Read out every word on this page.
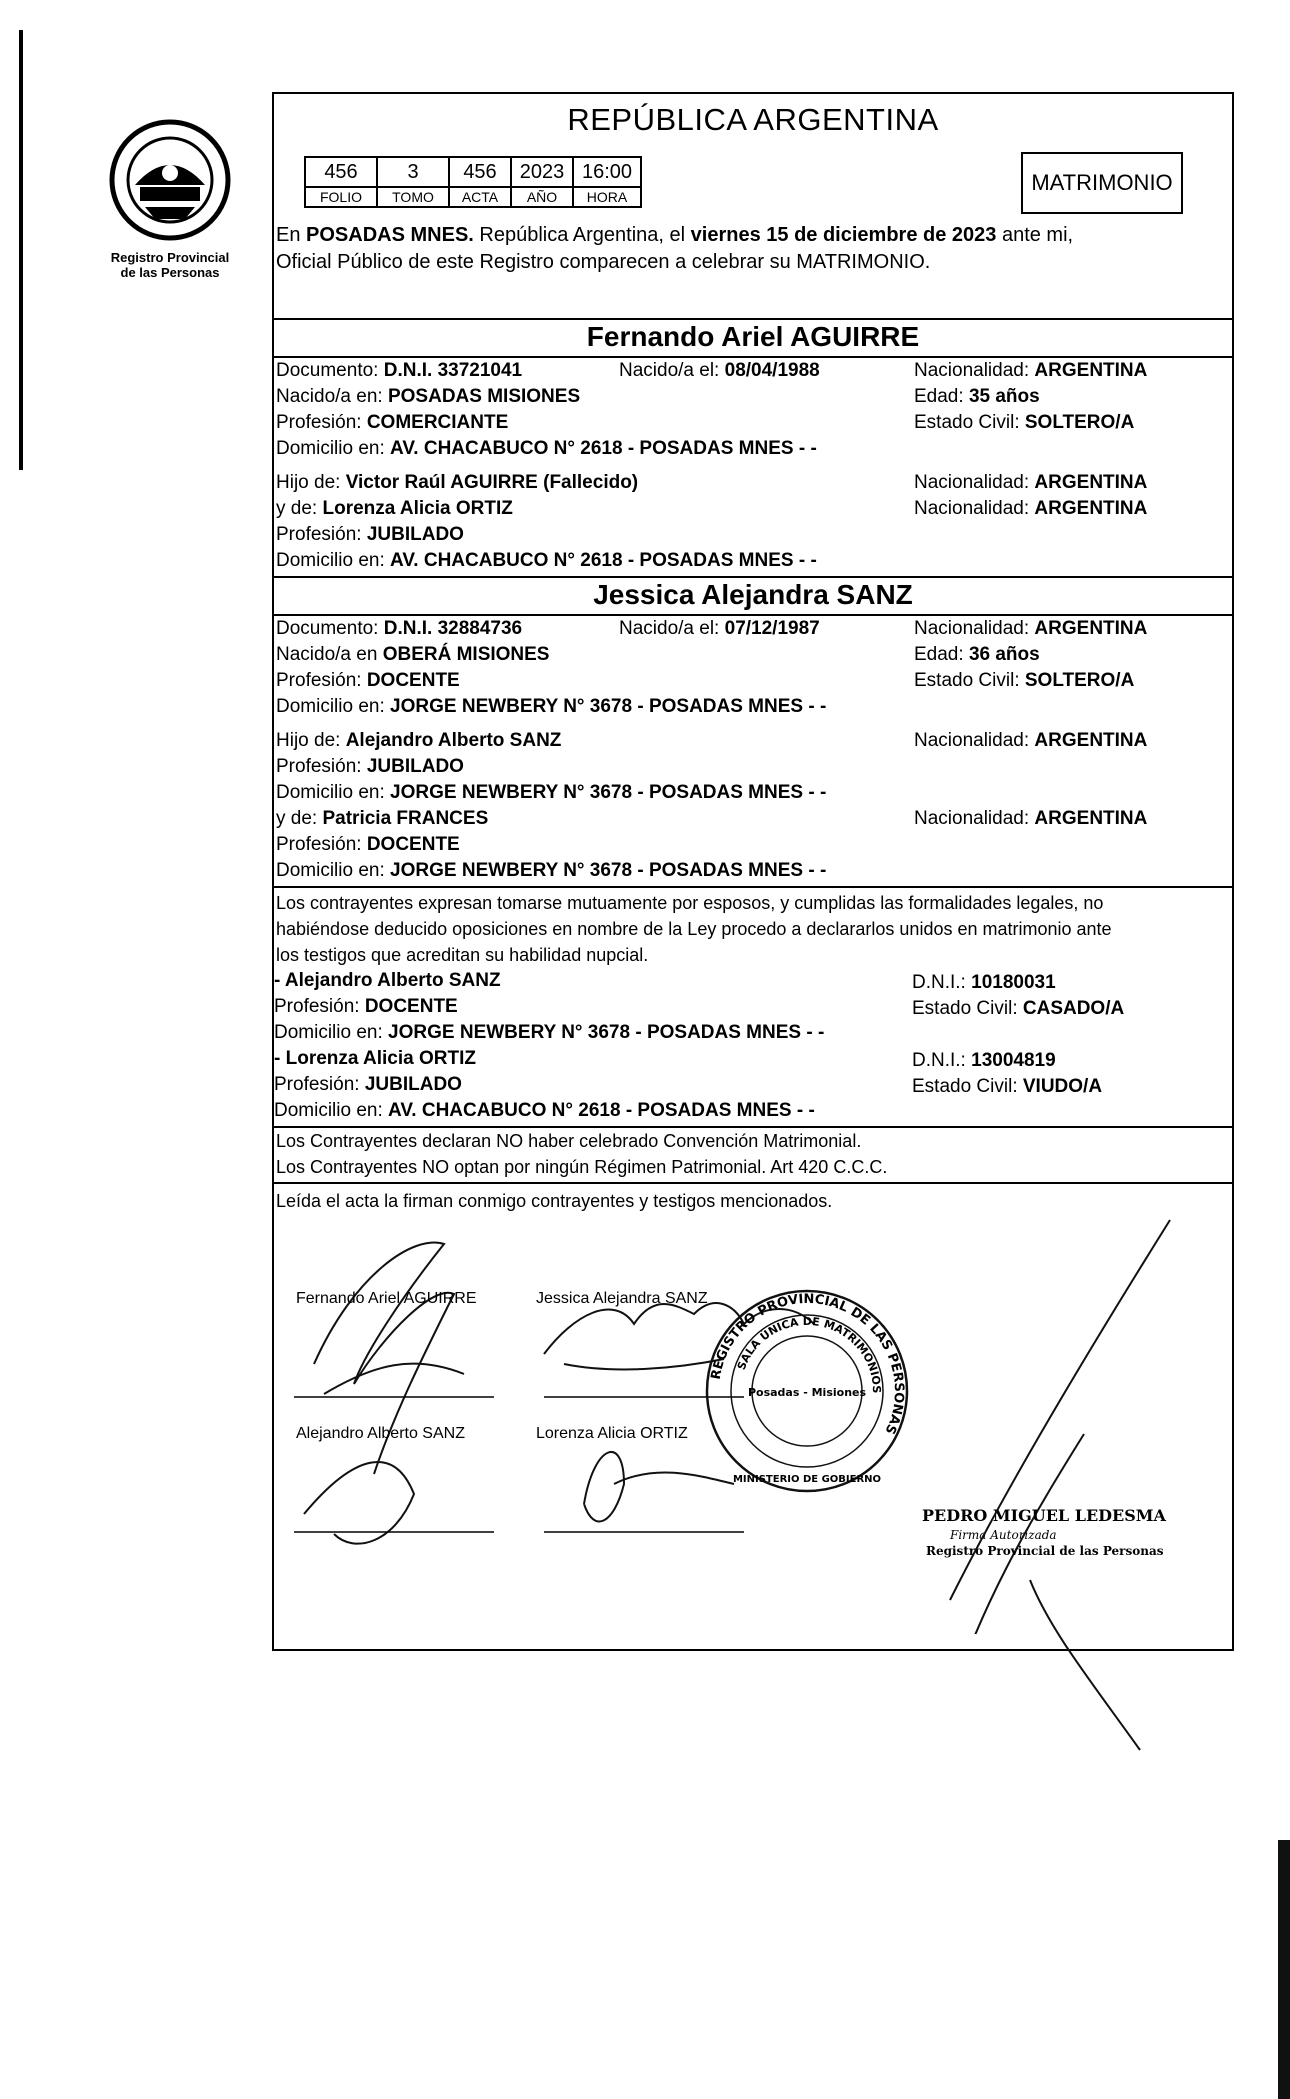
Registro Provincial
de las Personas
REPÚBLICA ARGENTINA
456	3	456	2023	16:00
FOLIO	TOMO	ACTA	AÑO	HORA
MATRIMONIO
En POSADAS MNES. República Argentina, el viernes 15 de diciembre de 2023 ante mi,
Oficial Público de este Registro comparecen a celebrar su MATRIMONIO.
Fernando Ariel AGUIRRE
Documento: D.N.I. 33721041	Nacido/a el: 08/04/1988	Nacionalidad: ARGENTINA
Nacido/a en: POSADAS MISIONES	Edad: 35 años
Profesión: COMERCIANTE	Estado Civil: SOLTERO/A
Domicilio en: AV. CHACABUCO N° 2618 - POSADAS MNES - -
Hijo de: Victor Raúl AGUIRRE (Fallecido)	Nacionalidad: ARGENTINA
y de: Lorenza Alicia ORTIZ	Nacionalidad: ARGENTINA
Profesión: JUBILADO
Domicilio en: AV. CHACABUCO N° 2618 - POSADAS MNES - -
Jessica Alejandra SANZ
Documento: D.N.I. 32884736	Nacido/a el: 07/12/1987	Nacionalidad: ARGENTINA
Nacido/a en OBERÁ MISIONES	Edad: 36 años
Profesión: DOCENTE	Estado Civil: SOLTERO/A
Domicilio en: JORGE NEWBERY N° 3678 - POSADAS MNES - -
Hijo de: Alejandro Alberto SANZ	Nacionalidad: ARGENTINA
Profesión: JUBILADO
Domicilio en: JORGE NEWBERY N° 3678 - POSADAS MNES - -
y de: Patricia FRANCES	Nacionalidad: ARGENTINA
Profesión: DOCENTE
Domicilio en: JORGE NEWBERY N° 3678 - POSADAS MNES - -
Los contrayentes expresan tomarse mutuamente por esposos, y cumplidas las formalidades legales, no
habiéndose deducido oposiciones en nombre de la Ley procedo a declararlos unidos en matrimonio ante
los testigos que acreditan su habilidad nupcial.
- Alejandro Alberto SANZ	D.N.I.: 10180031
Profesión: DOCENTE	Estado Civil: CASADO/A
Domicilio en: JORGE NEWBERY N° 3678 - POSADAS MNES - -
- Lorenza Alicia ORTIZ	D.N.I.: 13004819
Profesión: JUBILADO	Estado Civil: VIUDO/A
Domicilio en: AV. CHACABUCO N° 2618 - POSADAS MNES - -
Los Contrayentes declaran NO haber celebrado Convención Matrimonial.
Los Contrayentes NO optan por ningún Régimen Patrimonial. Art 420 C.C.C.
Leída el acta la firman conmigo contrayentes y testigos mencionados.
Fernando Ariel AGUIRRE	Jessica Alejandra SANZ
Alejandro Alberto SANZ	Lorenza Alicia ORTIZ
REGISTRO PROVINCIAL DE LAS PERSONAS
SALA ÚNICA DE MATRIMONIOS
MINISTERIO DE GOBIERNO
Posadas - Misiones
PEDRO MIGUEL LEDESMA
Firma Autorizada
Registro Provincial de las Personas
